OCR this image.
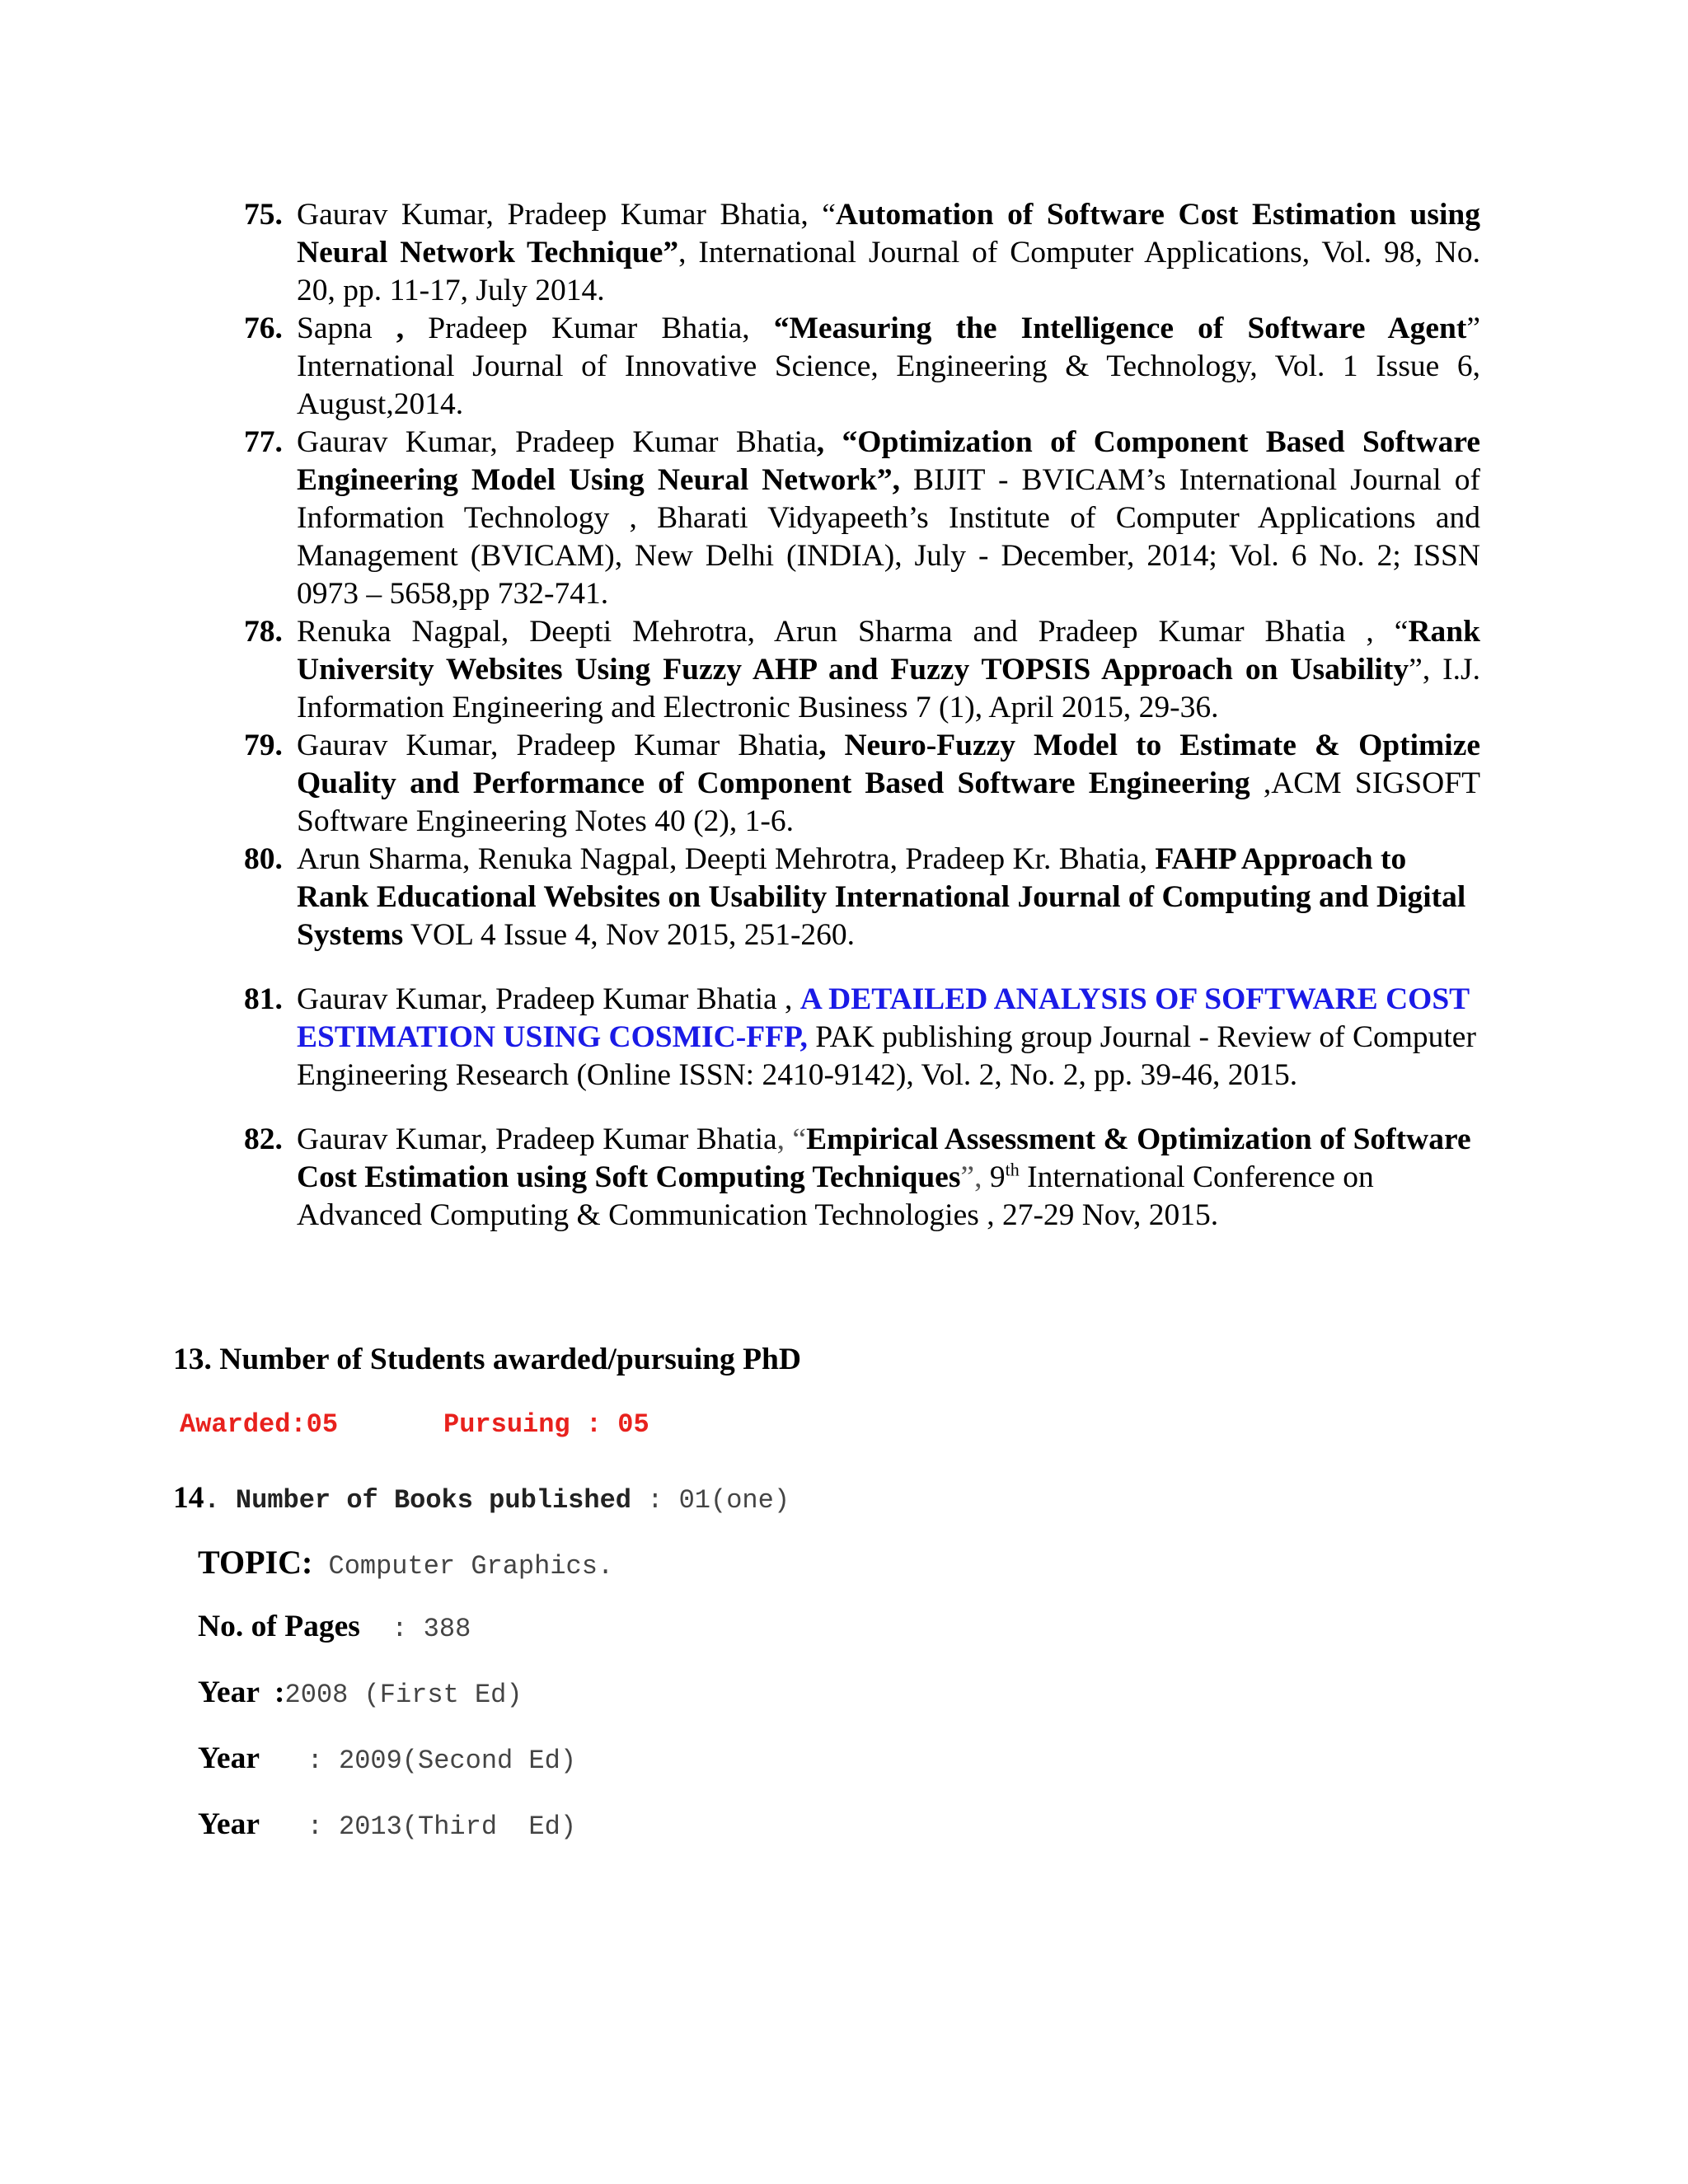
75. Gaurav Kumar, Pradeep Kumar Bhatia, “Automation of Software Cost Estimation using Neural Network Technique”, International Journal of Computer Applications, Vol. 98, No. 20, pp. 11-17, July 2014.
76. Sapna , Pradeep Kumar Bhatia, “Measuring the Intelligence of Software Agent” International Journal of Innovative Science, Engineering & Technology, Vol. 1 Issue 6, August,2014.
77. Gaurav Kumar, Pradeep Kumar Bhatia, “Optimization of Component Based Software Engineering Model Using Neural Network”, BIJIT - BVICAM’s International Journal of Information Technology , Bharati Vidyapeeth’s Institute of Computer Applications and Management (BVICAM), New Delhi (INDIA), July - December, 2014; Vol. 6 No. 2; ISSN 0973 – 5658,pp 732-741.
78. Renuka Nagpal, Deepti Mehrotra, Arun Sharma and Pradeep Kumar Bhatia , “Rank University Websites Using Fuzzy AHP and Fuzzy TOPSIS Approach on Usability”, I.J. Information Engineering and Electronic Business 7 (1), April 2015, 29-36.
79. Gaurav Kumar, Pradeep Kumar Bhatia, Neuro-Fuzzy Model to Estimate & Optimize Quality and Performance of Component Based Software Engineering ,ACM SIGSOFT Software Engineering Notes 40 (2), 1-6.
80. Arun Sharma, Renuka Nagpal, Deepti Mehrotra, Pradeep Kr. Bhatia, FAHP Approach to Rank Educational Websites on Usability International Journal of Computing and Digital Systems VOL 4 Issue 4, Nov 2015, 251-260.
81. Gaurav Kumar, Pradeep Kumar Bhatia , A DETAILED ANALYSIS OF SOFTWARE COST ESTIMATION USING COSMIC-FFP, PAK publishing group Journal - Review of Computer Engineering Research (Online ISSN: 2410-9142), Vol. 2, No. 2, pp. 39-46, 2015.
82. Gaurav Kumar, Pradeep Kumar Bhatia, “Empirical Assessment & Optimization of Software Cost Estimation using Soft Computing Techniques”, 9th International Conference on Advanced Computing & Communication Technologies , 27-29 Nov, 2015.
13. Number of Students awarded/pursuing PhD
Awarded:05	Pursuing : 05
14. Number of Books published : 01(one)
TOPIC: Computer Graphics.
No. of Pages  : 388
Year  :2008 (First Ed)
Year   : 2009(Second Ed)
Year   : 2013(Third  Ed)
